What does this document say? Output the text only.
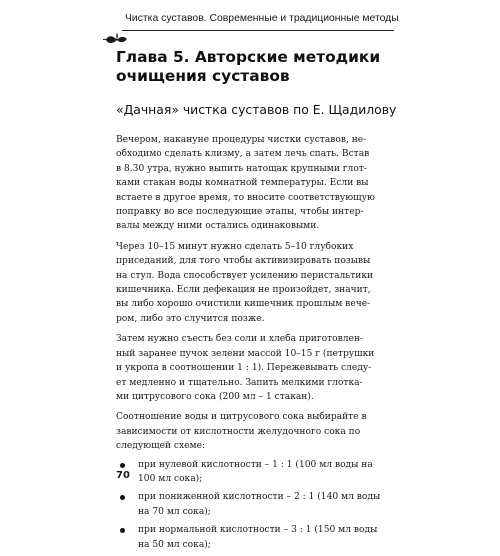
Чистка суставов. Современные и традиционные методы
Глава 5. Авторские методики
очищения суставов
«Дачная» чистка суставов по Е. Щадилову
Вечером, накануне процедуры чистки суставов, не-
обходимо сделать клизму, а затем лечь спать. Встав
в 8.30 утра, нужно выпить натощак крупными глот-
ками стакан воды комнатной температуры. Если вы
встаете в другое время, то вносите соответствующую
поправку во все последующие этапы, чтобы интер-
валы между ними остались одинаковыми.
Через 10–15 минут нужно сделать 5–10 глубоких
приседаний, для того чтобы активизировать позывы
на стул. Вода способствует усилению перистальтики
кишечника. Если дефекация не произойдет, значит,
вы либо хорошо очистили кишечник прошлым вече-
ром, либо это случится позже.
Затем нужно съесть без соли и хлеба приготовлен-
ный заранее пучок зелени массой 10–15 г (петрушки
и укропа в соотношении 1 : 1). Пережевывать следу-
ет медленно и тщательно. Запить мелкими глотка-
ми цитрусового сока (200 мл – 1 стакан).
Соотношение воды и цитрусового сока выбирайте в
зависимости от кислотности желудочного сока по
следующей схеме:
при нулевой кислотности – 1 : 1 (100 мл воды на
100 мл сока);
при пониженной кислотности – 2 : 1 (140 мл воды
на 70 мл сока);
при нормальной кислотности – 3 : 1 (150 мл воды
на 50 мл сока);
70
